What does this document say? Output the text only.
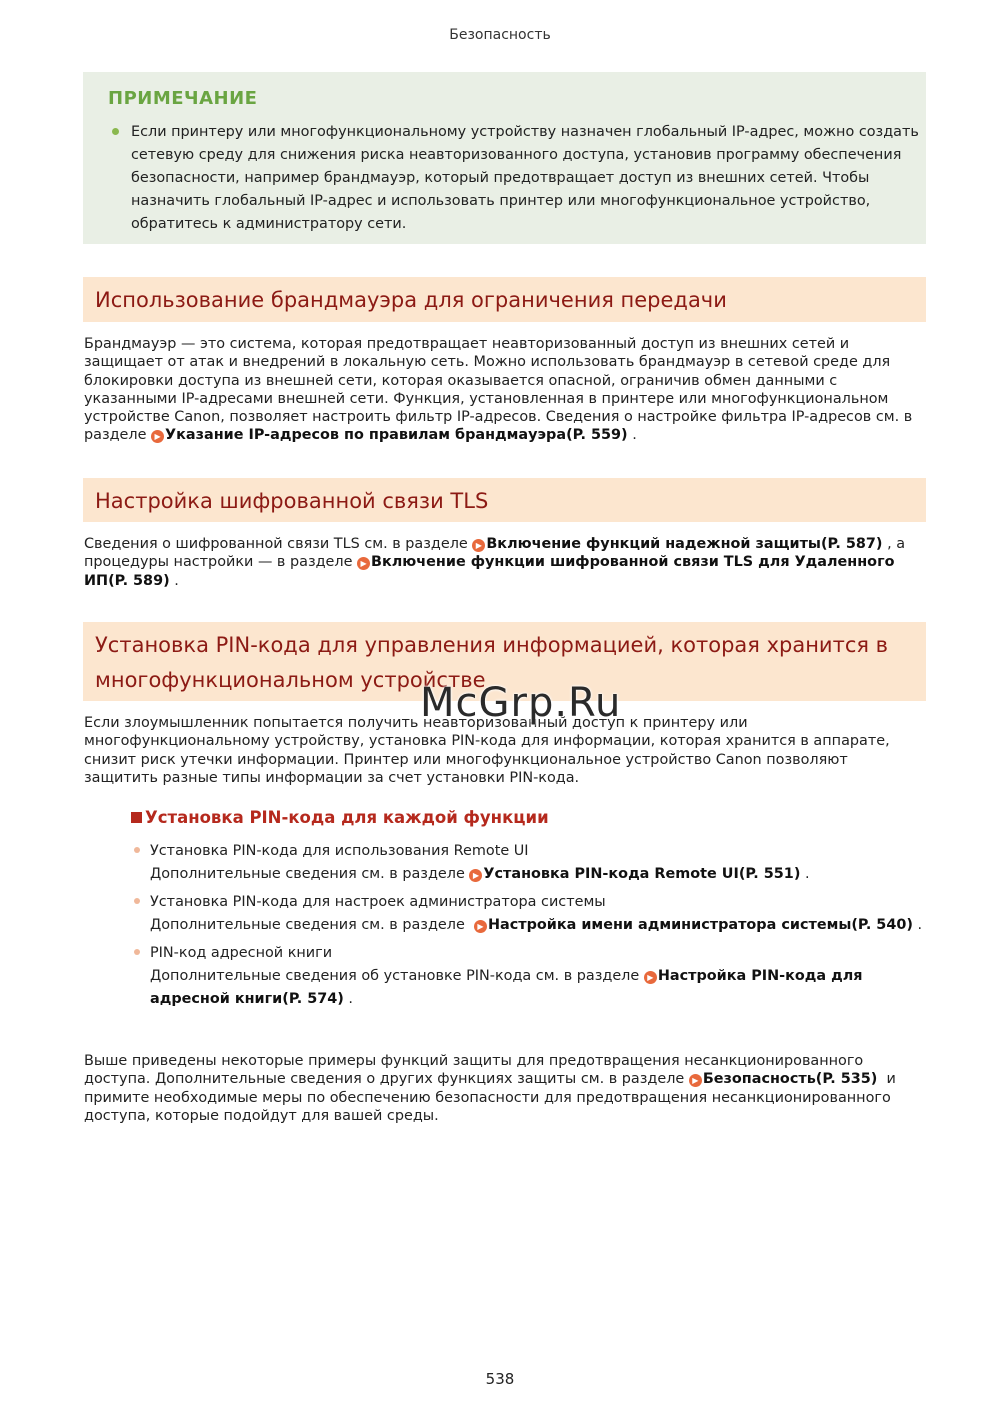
Безопасность
ПРИМЕЧАНИЕ
Если принтеру или многофункциональному устройству назначен глобальный IP-адрес, можно создать сетевую среду для снижения риска неавторизованного доступа, установив программу обеспечения безопасности, например брандмауэр, который предотвращает доступ из внешних сетей. Чтобы назначить глобальный IP-адрес и использовать принтер или многофункциональное устройство, обратитесь к администратору сети.
Использование брандмауэра для ограничения передачи
Брандмауэр — это система, которая предотвращает неавторизованный доступ из внешних сетей и защищает от атак и внедрений в локальную сеть. Можно использовать брандмауэр в сетевой среде для блокировки доступа из внешней сети, которая оказывается опасной, ограничив обмен данными с указанными IP-адресами внешней сети. Функция, установленная в принтере или многофункциональном устройстве Canon, позволяет настроить фильтр IP-адресов. Сведения о настройке фильтра IP-адресов см. в разделе ▶ Указание IP-адресов по правилам брандмауэра(P. 559) .
Настройка шифрованной связи TLS
Сведения о шифрованной связи TLS см. в разделе ▶ Включение функций надежной защиты(P. 587) , а процедуры настройки — в разделе ▶ Включение функции шифрованной связи TLS для Удаленного ИП(P. 589) .
Установка PIN-кода для управления информацией, которая хранится в
многофункциональном устройстве
Если злоумышленник попытается получить неавторизованный доступ к принтеру или многофункциональному устройству, установка PIN-кода для информации, которая хранится в аппарате, снизит риск утечки информации. Принтер или многофункциональное устройство Canon позволяют защитить разные типы информации за счет установки PIN-кода.
Установка PIN-кода для каждой функции
Установка PIN-кода для использования Remote UI
Дополнительные сведения см. в разделе ▶ Установка PIN-кода Remote UI(P. 551) .
Установка PIN-кода для настроек администратора системы
Дополнительные сведения см. в разделе  ▶ Настройка имени администратора системы(P. 540) .
PIN-код адресной книги
Дополнительные сведения об установке PIN-кода см. в разделе ▶ Настройка PIN-кода для адресной книги(P. 574) .
Выше приведены некоторые примеры функций защиты для предотвращения несанкционированного доступа. Дополнительные сведения о других функциях защиты см. в разделе ▶ Безопасность(P. 535)  и примите необходимые меры по обеспечению безопасности для предотвращения несанкционированного доступа, которые подойдут для вашей среды.
McGrp.Ru
538
